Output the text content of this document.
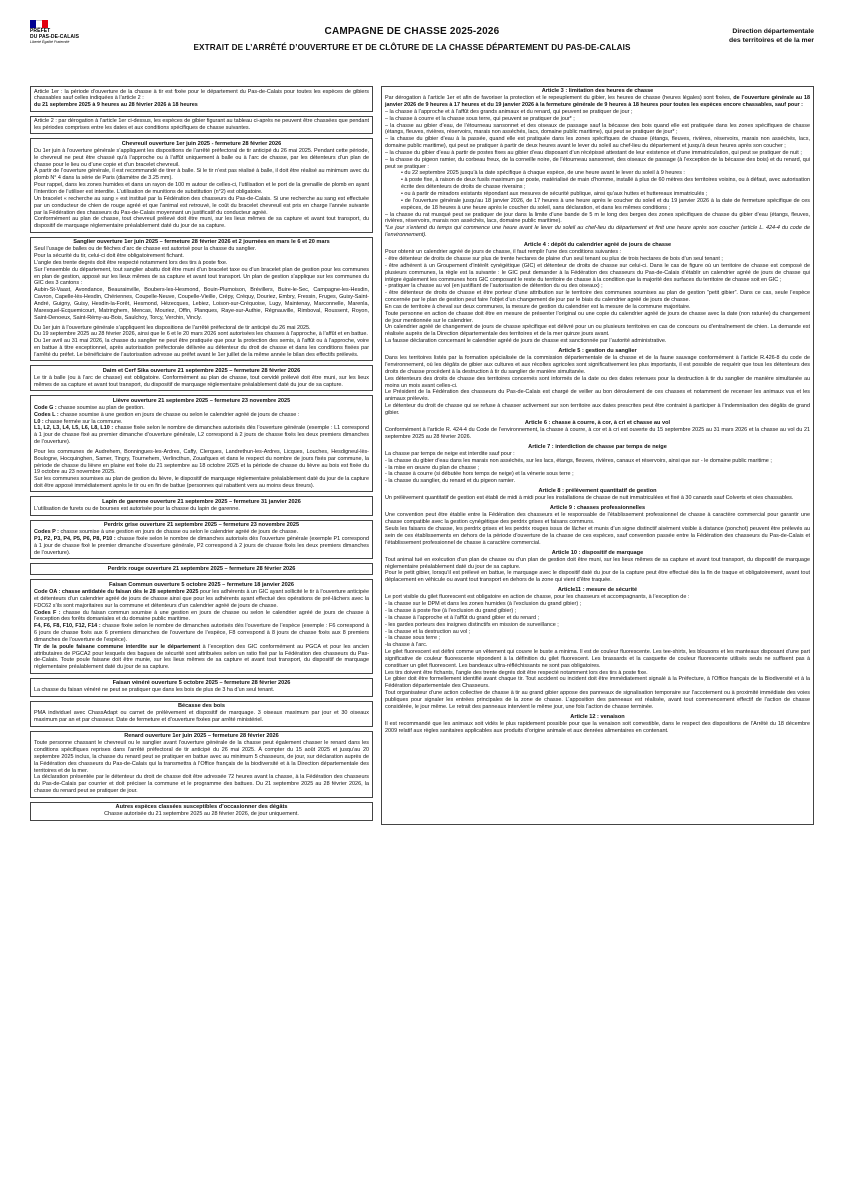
PRÉFET
DU PAS-DE-CALAIS
Liberté Égalité Fraternité
CAMPAGNE DE CHASSE 2025-2026
EXTRAIT DE L’ARRÊTÉ D’OUVERTURE ET DE CLÔTURE DE LA CHASSE DÉPARTEMENT DU PAS-DE-CALAIS
Direction départementale
des territoires et de la mer

Article 1er : la période d’ouverture de la chasse à tir est fixée pour le département du Pas-de-Calais pour toutes les espèces de gibiers chassables sauf celles indiquées à l’article 2 :
du 21 septembre 2025 à 9 heures au 28 février 2026 à 18 heures

Article 2 : par dérogation à l’article 1er ci-dessus, les espèces de gibier figurant au tableau ci-après ne peuvent être chassées que pendant les périodes comprises entre les dates et aux conditions spécifiques de chasse suivantes.

Chevreuil ouverture 1er juin 2025 - fermeture 28 février 2026

Du 1er juin à l’ouverture générale s’appliquent les dispositions de l’arrêté préfectoral de tir anticipé du 26 mai 2025. Pendant cette période, le chevreuil ne peut être chassé qu’à l’approche ou à l’affût uniquement à balle ou à l’arc de chasse, par les détenteurs d’un plan de chasse pour le lieu ou d’une copie et d’un bracelet chevreuil.

À partir de l’ouverture générale, il est recommandé de tirer à balle. Si le tir n’est pas réalisé à balle, il doit être réalisé au minimum avec du plomb N° 4 dans la série de Paris (diamètre de 3.25 mm).

Pour rappel, dans les zones humides et dans un rayon de 100 m autour de celles-ci, l’utilisation et le port de la grenaille de plomb en ayant l’intention de l’utiliser est interdite. L’utilisation de munitions de substitution (n°2) est obligatoire.

Un bracelet « recherche au sang » est institué par la Fédération des chasseurs du Pas-de-Calais. Si une recherche au sang est effectuée par un conducteur de chien de rouge agréé et que l’animal est retrouvé, le coût du bracelet chevreuil est pris en charge l’année suivante par la Fédération des chasseurs du Pas-de-Calais moyennant un justificatif du conducteur agréé.

Conformément au plan de chasse, tout chevreuil prélevé doit être muni, sur les lieux mêmes de sa capture et avant tout transport, du dispositif de marquage réglementaire préalablement daté du jour de sa capture.

Sanglier ouverture 1er juin 2025 – fermeture 28 février 2026 et 2 journées en mars le 6 et 20 mars

Seul l’usage de balles ou de flèches d’arc de chasse est autorisé pour la chasse du sanglier.

Pour la sécurité du tir, celui-ci doit être obligatoirement fichant.

L’angle des trente degrés doit être respecté notamment lors des tirs à poste fixe.

Sur l’ensemble du département, tout sanglier abattu doit être muni d’un bracelet taxe ou d’un bracelet plan de gestion pour les communes en plan de gestion, apposé sur les lieux mêmes de sa capture et avant tout transport. Un plan de gestion s’applique sur les communes du GIC des 3 cantons :

Aubin-St-Vaast, Avondance, Beaurainville, Boubers-les-Hesmond, Bouin-Plumoison, Brévillers, Buire-le-Sec, Campagne-les-Hesdin, Cavron, Capelle-lès-Hesdin, Chériennes, Coupelle-Neuve, Coupelle-Vieille, Crépy, Créquy, Douriez, Embry, Fressin, Fruges, Guisy-Saint-André, Guigny, Guisy, Hesdin-la-Forêt, Hesmond, Hézecques, Lebiez, Loison-sur-Créquoise, Lugy, Maintenay, Marconnelle, Marenla, Maresquel-Ecquemicourt, Matringhem, Mencas, Mouriez, Offin, Planques, Raye-sur-Authie, Régnauville, Rimboval, Roussent, Royon, Saint-Denoeux, Saint-Rémy-au-Bois, Saulchoy, Torcy, Verchin, Vincly.

Du 1er juin à l’ouverture générale s’appliquent les dispositions de l’arrêté préfectoral de tir anticipé du 26 mai 2025.

Du 19 septembre 2025 au 28 février 2026, ainsi que le 6 et le 20 mars 2026 sont autorisées les chasses à l’approche, à l’affût et en battue.

Du 1er avril au 31 mai 2026, la chasse du sanglier ne peut être pratiquée que pour la protection des semis, à l’affût ou à l’approche, voire en battue à titre exceptionnel, après autorisation préfectorale délivrée au détenteur du droit de chasse et dans les conditions fixées par l’arrêté du préfet. Le bénéficiaire de l’autorisation adresse au préfet avant le 1er juillet de la même année le bilan des effectifs prélevés.

Daim et Cerf Sika ouverture 21 septembre 2025 – fermeture 28 février 2026

Le tir à balle (ou à l’arc de chasse) est obligatoire. Conformément au plan de chasse, tout cervidé prélevé doit être muni, sur les lieux mêmes de sa capture et avant tout transport, du dispositif de marquage réglementaire préalablement daté du jour de sa capture.

Lièvre ouverture 21 septembre 2025 – fermeture 23 novembre 2025

Code G : chasse soumise au plan de gestion.

Codes L : chasse soumise à une gestion en jours de chasse ou selon le calendrier agréé de jours de chasse :

L0 : chasse fermée sur la commune.

L1, L2, L3, L4, L5, L6, L8, L10 : chasse fixée selon le nombre de dimanches autorisés dès l’ouverture générale (exemple : L1 correspond à 1 jour de chasse fixé au premier dimanche d’ouverture générale, L2 correspond à 2 jours de chasse fixés les deux premiers dimanches de l’ouverture).

Pour les communes de Audrehem, Bonningues-les-Ardres, Caffy, Clerques, Landrethun-les-Ardres, Licques, Louches, Hesdigneul-lès-Boulogne, Hocquinghen, Samer, Tingry, Tournehem, Verlincthun, Zouafques et dans le respect du nombre de jours fixés par commune, la période de chasse du lièvre en plaine est fixée du 21 septembre au 18 octobre 2025 et la période de chasse du lièvre au bois est fixée du 19 octobre au 23 novembre 2025.

Sur les communes soumises au plan de gestion du lièvre, le dispositif de marquage réglementaire préalablement daté du jour de la capture doit être apposé immédiatement après le tir ou en fin de battue (personnes qui rabattent vers au moins deux tireurs).

Lapin de garenne ouverture 21 septembre 2025 – fermeture 31 janvier 2026

L’utilisation de furets ou de bourses est autorisée pour la chasse du lapin de garenne.

Perdrix grise ouverture 21 septembre 2025 – fermeture 23 novembre 2025

Codes P : chasse soumise à une gestion en jours de chasse ou selon le calendrier agréé de jours de chasse.

P1, P2, P3, P4, P5, P6, P8, P10 : chasse fixée selon le nombre de dimanches autorisés dès l’ouverture générale (exemple P1 correspond à 1 jour de chasse fixé le premier dimanche d’ouverture générale, P2 correspond à 2 jours de chasse fixés les deux premiers dimanches de l’ouverture).

Perdrix rouge ouverture 21 septembre 2025 – fermeture 28 février 2026
Faisan Commun ouverture 5 octobre 2025 – fermeture 18 janvier 2026

Code OA : chasse antidatée du faisan dès le 28 septembre 2025 pour les adhérents à un GIC ayant sollicité le tir à l’ouverture anticipée et détenteurs d’un calendrier agréé de jours de chasse ainsi que pour les adhérents ayant effectué des opérations de pré-lâchers avec la FDC62 s’ils sont majoritaires sur la commune et détenteurs d’un calendrier agréé de jours de chasse.

Codes F : chasse du faisan commun soumise à une gestion en jours de chasse ou selon le calendrier agréé de jours de chasse à l’exception des forêts domaniales et du domaine public maritime.

F4, F6, F8, F10, F12, F14 : chasse fixée selon le nombre de dimanches autorisés dès l’ouverture de l’espèce (exemple : F6 correspond à 6 jours de chasse fixés aux 6 premiers dimanches de l’ouverture de l’espèce, F8 correspond à 8 jours de chasse fixés aux 8 premiers dimanches de l’ouverture de l’espèce).

Tir de la poule faisane commune interdite sur le département à l’exception des GIC conformément au PGCA et pour les ancien attributaires de PGCA2 pour lesquels des bagues de sécurité sont attribuées selon un ratio fixé par la Fédération des chasseurs du Pas-de-Calais. Toute poule faisane doit être munie, sur les lieux mêmes de sa capture et avant tout transport, du dispositif de marquage réglementaire préalablement daté du jour de sa capture.

Faisan vénéré ouverture 5 octobre 2025 – fermeture 28 février 2026

La chasse du faisan vénéré ne peut se pratiquer que dans les bois de plus de 3 ha d’un seul tenant.

Bécasse des bois

PMA individuel avec ChassAdapt ou carnet de prélèvement et dispositif de marquage. 3 oiseaux maximum par jour et 30 oiseaux maximum par an et par chasseur. Date de fermeture et d’ouverture fixées par arrêté ministériel.

Renard ouverture 1er juin 2025 – fermeture 28 février 2026

Toute personne chassant le chevreuil ou le sanglier avant l’ouverture générale de la chasse peut également chasser le renard dans les conditions spécifiques reprises dans l’arrêté préfectoral de tir anticipé du 26 mai 2025. À compter du 15 août 2025 et jusqu’au 20 septembre 2025 inclus, la chasse du renard peut se pratiquer en battue avec au minimum 5 chasseurs, de jour, sur déclaration auprès de la Fédération des chasseurs du Pas-de-Calais qui la transmettra à l’Office français de la biodiversité et à la Direction départementale des territoires et de la mer.

La déclaration présentée par le détenteur du droit de chasse doit être adressée 72 heures avant la chasse, à la Fédération des chasseurs du Pas-de-Calais par courrier et doit préciser la commune et le programme des battues. Du 21 septembre 2025 au 28 février 2026, la chasse du renard peut se pratiquer de jour.

Autres espèces classées susceptibles d’occasionner des dégâts

Chasse autorisée du 21 septembre 2025 au 28 février 2026, de jour uniquement.

Article 3 : limitation des heures de chasse

Par dérogation à l’article 1er et afin de favoriser la protection et le repeuplement du gibier, les heures de chasse (heures légales) sont fixées, de l’ouverture générale au 18 janvier 2026 de 9 heures à 17 heures et du 19 janvier 2026 à la fermeture générale de 9 heures à 18 heures pour toutes les espèces encore chassables, sauf pour :

– la chasse à l’approche et à l’affût des grands animaux et du renard, qui peuvent se pratiquer de jour ;

– la chasse à courre et la chasse sous terre, qui peuvent se pratiquer de jour* ;

– la chasse au gibier d’eau, de l’étourneau sansonnet et des oiseaux de passage sauf la bécasse des bois quand elle est pratiquée dans les zones spécifiques de chasse (étangs, fleuves, rivières, réservoirs, marais non asséchés, lacs, domaine public maritime), qui peut se pratiquer de jour* ;

– la chasse du gibier d’eau à la passée, quand elle est pratiquée dans les zones spécifiques de chasse (étangs, fleuves, rivières, réservoirs, marais non asséchés, lacs, domaine public maritime), qui peut se pratiquer à partir de deux heures avant le lever du soleil au chef-lieu du département et jusqu’à deux heures après son coucher ;

– la chasse du gibier d’eau à partir de postes fixes au gibier d’eau disposant d’un récépissé attestant de leur existence et d’une immatriculation, qui peut se pratiquer de nuit ;

– la chasse du pigeon ramier, du corbeau freux, de la corneille noire, de l’étourneau sansonnet, des oiseaux de passage (à l’exception de la bécasse des bois) et du renard, qui peut se pratiquer :

• du 22 septembre 2025 jusqu’à la date spécifique à chaque espèce, de une heure avant le lever du soleil à 9 heures :

• à poste fixe, à raison de deux fusils maximum par poste, matérialisé de main d’homme, installé à plus de 60 mètres des territoires voisins, ou à défaut, avec autorisation écrite des détenteurs de droits de chasse riverains ;

• ou à partir de miradors existants répondant aux mesures de sécurité publique, ainsi qu’aux huttes et huttereaux immatriculés ;

• de l’ouverture générale jusqu’au 18 janvier 2026, de 17 heures à une heure après le coucher du soleil et du 19 janvier 2026 à la date de fermeture spécifique de ces espèces, de 18 heures à une heure après le coucher du soleil, sans déclaration, et dans les mêmes conditions ;

– la chasse du rat musqué peut se pratiquer de jour dans la limite d’une bande de 5 m le long des berges des zones spécifiques de chasse du gibier d’eau (étangs, fleuves, rivières, réservoirs, marais non asséchés, lacs, domaine public maritime).

*Le jour s’entend du temps qui commence une heure avant le lever du soleil au chef-lieu du département et finit une heure après son coucher (article L. 424-4 du code de l’environnement).

Article 4 : dépôt du calendrier agréé de jours de chasse

Pour obtenir un calendrier agréé de jours de chasse, il faut remplir l’une des conditions suivantes :

- être détenteur de droits de chasse sur plus de trente hectares de plaine d’un seul tenant ou plus de trois hectares de bois d’un seul tenant ;

- être adhérent à un Groupement d’intérêt cynégétique (GIC) et détenteur de droits de chasse sur celui-ci. Dans le cas de figure où un territoire de chasse est composé de plusieurs communes, la règle est la suivante : le GIC peut demander à la Fédération des chasseurs du Pas-de-Calais d’établir un calendrier agréé de jours de chasse qui intègre également les communes hors GIC composant le reste du territoire de chasse à la condition que la majorité des surfaces du territoire de chasse soit en GIC ;

- pratiquer la chasse au vol (en justifiant de l’autorisation de détention du ou des oiseaux) ;

- être détenteur de droits de chasse et être porteur d’une attribution sur le territoire des communes soumises au plan de gestion “petit gibier”. Dans ce cas, seule l’espèce concernée par le plan de gestion peut faire l’objet d’un changement de jour par le biais du calendrier agréé de jours de chasse.

En cas de territoire à cheval sur deux communes, la mesure de gestion du calendrier est la mesure de la commune majoritaire.

Toute personne en action de chasse doit être en mesure de présenter l’original ou une copie du calendrier agréé de jours de chasse avec la date (non raturée) du changement de jour mentionnée sur le calendrier.

Un calendrier agréé de changement de jours de chasse spécifique est délivré pour un ou plusieurs territoires en cas de concours ou d’entraînement de chien. La demande est réalisée auprès de la Direction départementale des territoires et de la mer quinze jours avant.

La fausse déclaration concernant le calendrier agréé de jours de chasse est sanctionnée par l’autorité administrative.

Article 5 : gestion du sanglier

Dans les territoires listés par la formation spécialisée de la commission départementale de la chasse et de la faune sauvage conformément à l’article R.426-8 du code de l’environnement, où les dégâts de gibier aux cultures et aux récoltes agricoles sont significativement les plus importants, il est possible de requérir que tous les détenteurs des droits de chasse procèdent à la destruction à tir du sanglier de manière simultanée.

Les détenteurs des droits de chasse des territoires concernés sont informés de la date ou des dates retenues pour la destruction à tir du sanglier de manière simultanée au moins un mois avant celles-ci.

Le Président de la Fédération des chasseurs du Pas-de-Calais est chargé de veiller au bon déroulement de ces chasses et notamment de recenser les animaux vus et les animaux prélevés.

Le détenteur du droit de chasse qui se refuse à chasser activement sur son territoire aux dates prescrites peut être contraint à participer à l’indemnisation des dégâts de grand gibier.

Article 6 : chasse à courre, à cor, à cri et chasse au vol

Conformément à l’article R. 424-4 du Code de l’environnement, la chasse à courre, à cor et à cri est ouverte du 15 septembre 2025 au 31 mars 2026 et la chasse au vol du 21 septembre 2025 au 28 février 2026.

Article 7 : interdiction de chasse par temps de neige

La chasse par temps de neige est interdite sauf pour :

- la chasse du gibier d’eau dans les marais non asséchés, sur les lacs, étangs, fleuves, rivières, canaux et réservoirs, ainsi que sur - le domaine public maritime ;

- la mise en œuvre du plan de chasse ;

- la chasse à courre (si débutée hors temps de neige) et la vénerie sous terre ;

- la chasse du sanglier, du renard et du pigeon ramier.

Article 8 : prélèvement quantitatif de gestion

Un prélèvement quantitatif de gestion est établi de midi à midi pour les installations de chasse de nuit immatriculées et fixé à 30 canards sauf Colverts et oies chassables.

Article 9 : chasses professionnelles

Une convention peut être établie entre la Fédération des chasseurs et le responsable de l’établissement professionnel de chasse à caractère commercial pour garantir une chasse compatible avec la gestion cynégétique des perdrix grises et faisans communs.

Seuls les faisans de chasse, les perdrix grises et les perdrix rouges issus de lâcher et munis d’un signe distinctif aisément visible à distance (ponchot) peuvent être prélevés au sein de ces établissements en dehors de la période d’ouverture de la chasse de ces espèces, sauf convention passée entre la Fédération des chasseurs du Pas-de-Calais et l’établissement professionnel de chasse à caractère commercial.

Article 10 : dispositif de marquage

Tout animal tué en exécution d’un plan de chasse ou d’un plan de gestion doit être muni, sur les lieux mêmes de sa capture et avant tout transport, du dispositif de marquage réglementaire préalablement daté du jour de sa capture.

Pour le petit gibier, lorsqu’il est prélevé en battue, le marquage avec le dispositif daté du jour de la capture peut être effectué dès la fin de traque et obligatoirement, avant tout déplacement en véhicule ou avant tout transport en dehors de la zone qui vient d’être traquée.

Article11 : mesure de sécurité

Le port visible du gilet fluorescent est obligatoire en action de chasse, pour les chasseurs et accompagnants, à l’exception de :

- la chasse sur le DPM et dans les zones humides (à l’exclusion du grand gibier) ;

- la chasse à poste fixe (à l’exclusion du grand gibier) ;

- la chasse à l’approche et à l’affût du grand gibier et du renard ;

- les gardes porteurs des insignes distinctifs en mission de surveillance ;

- la chasse et la destruction au vol ;

- la chasse sous terre ;

-la chasse à l’arc.

Le gilet fluorescent est défini comme un vêtement qui couvre le buste a minima. Il est de couleur fluorescente. Les tee-shirts, les blousons et les manteaux disposant d’une part significative de couleur fluorescente répondent à la définition du gilet fluorescent. Les brassards et la casquette de couleur fluorescente utilisés seuls ne suffisent pas à constituer un gilet fluorescent. Les bandeaux ultra-réfléchissants ne sont pas obligatoires.

Les tirs doivent être fichants, l’angle des trente degrés doit être respecté notamment lors des tirs à poste fixe.

Le gibier doit être formellement identifié avant chaque tir. Tout accident ou incident doit être immédiatement signalé à la Préfecture, à l’Office français de la Biodiversité et à la Fédération départementale des Chasseurs.

Tout organisateur d’une action collective de chasse à tir au grand gibier appose des panneaux de signalisation temporaire sur l’accotement ou à proximité immédiate des voies publiques pour signaler les entrées principales de la zone de chasse. L’apposition des panneaux est réalisée, avant tout commencement effectif de l’action de chasse considérée, le jour même. Le retrait des panneaux intervient le même jour, une fois l’action de chasse terminée.

Article 12 : venaison

Il est recommandé que les animaux soit vidés le plus rapidement possible pour que la venaison soit comestible, dans le respect des dispositions de l’Arrêté du 18 décembre 2009 relatif aux règles sanitaires applicables aux produits d’origine animale et aux denrées alimentaires en contenant.
